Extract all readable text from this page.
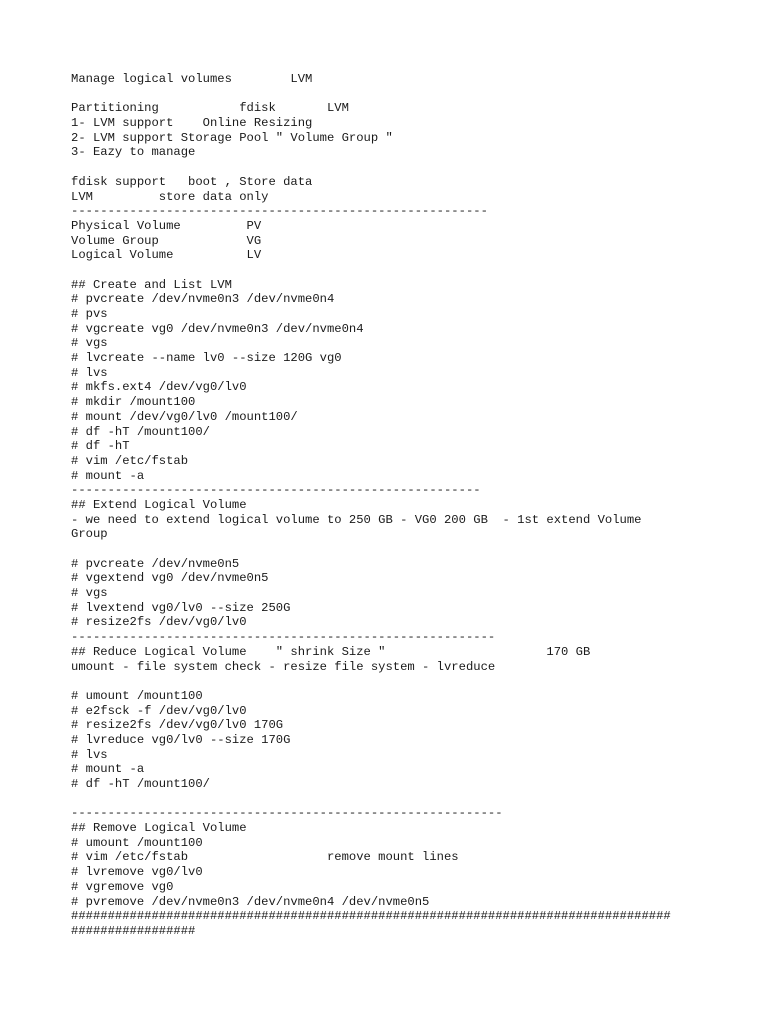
Manage logical volumes        LVM
Partitioning           fdisk       LVM
1- LVM support    Online Resizing
2- LVM support Storage Pool " Volume Group "
3- Eazy to manage
fdisk support   boot , Store data
LVM         store data only
---------------------------------------------------------
Physical Volume         PV
Volume Group            VG
Logical Volume          LV
## Create and List LVM
# pvcreate /dev/nvme0n3 /dev/nvme0n4
# pvs
# vgcreate vg0 /dev/nvme0n3 /dev/nvme0n4
# vgs
# lvcreate --name lv0 --size 120G vg0
# lvs
# mkfs.ext4 /dev/vg0/lv0
# mkdir /mount100
# mount /dev/vg0/lv0 /mount100/
# df -hT /mount100/
# df -hT
# vim /etc/fstab
# mount -a
--------------------------------------------------------
## Extend Logical Volume
- we need to extend logical volume to 250 GB - VG0 200 GB  - 1st extend Volume
Group
# pvcreate /dev/nvme0n5
# vgextend vg0 /dev/nvme0n5
# vgs
# lvextend vg0/lv0 --size 250G
# resize2fs /dev/vg0/lv0
----------------------------------------------------------
## Reduce Logical Volume    " shrink Size "                      170 GB
umount - file system check - resize file system - lvreduce
# umount /mount100
# e2fsck -f /dev/vg0/lv0
# resize2fs /dev/vg0/lv0 170G
# lvreduce vg0/lv0 --size 170G
# lvs
# mount -a
# df -hT /mount100/
-----------------------------------------------------------
## Remove Logical Volume
# umount /mount100
# vim /etc/fstab                   remove mount lines
# lvremove vg0/lv0
# vgremove vg0
# pvremove /dev/nvme0n3 /dev/nvme0n4 /dev/nvme0n5
##################################################################################
#################
